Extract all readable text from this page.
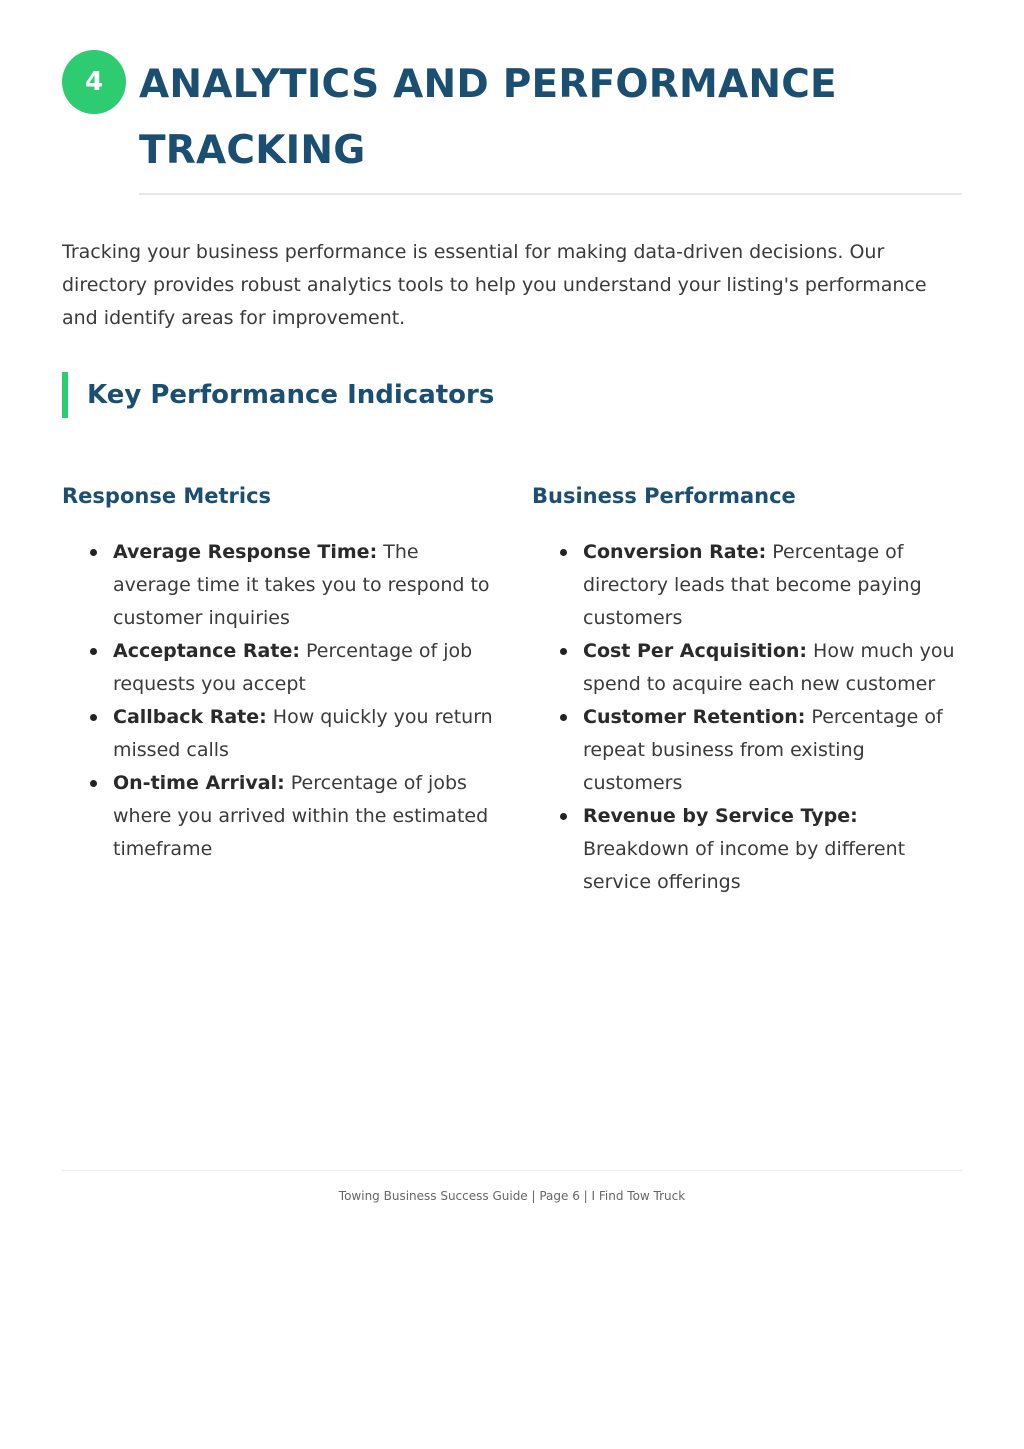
4 ANALYTICS AND PERFORMANCE TRACKING

Tracking your business performance is essential for making data-driven decisions. Our directory provides robust analytics tools to help you understand your listing's performance and identify areas for improvement.

Key Performance Indicators
Response Metrics
Average Response Time: The average time it takes you to respond to customer inquiries
Acceptance Rate: Percentage of job requests you accept
Callback Rate: How quickly you return missed calls
On-time Arrival: Percentage of jobs where you arrived within the estimated timeframe
Business Performance
Conversion Rate: Percentage of directory leads that become paying customers
Cost Per Acquisition: How much you spend to acquire each new customer
Customer Retention: Percentage of repeat business from existing customers
Revenue by Service Type: Breakdown of income by different service offerings

Towing Business Success Guide | Page 6 | I Find Tow Truck
